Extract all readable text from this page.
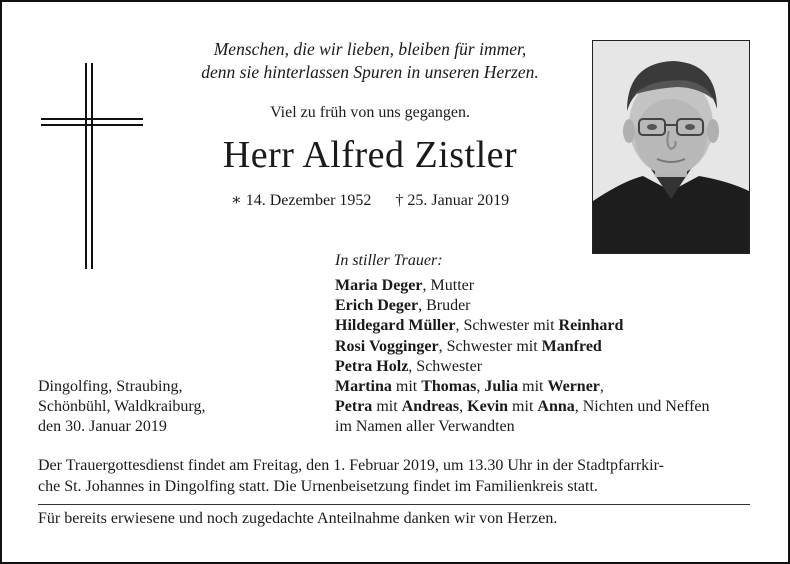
Menschen, die wir lieben, bleiben für immer,
denn sie hinterlassen Spuren in unseren Herzen.
Viel zu früh von uns gegangen.
Herr Alfred Zistler
∗ 14. Dezember 1952 † 25. Januar 2019
In stiller Trauer:
Maria Deger, Mutter
Erich Deger, Bruder
Hildegard Müller, Schwester mit Reinhard
Rosi Vogginger, Schwester mit Manfred
Petra Holz, Schwester
Martina mit Thomas, Julia mit Werner,
Petra mit Andreas, Kevin mit Anna, Nichten und Neffen
im Namen aller Verwandten
Dingolfing, Straubing,
Schönbühl, Waldkraiburg,
den 30. Januar 2019
Der Trauergottesdienst findet am Freitag, den 1. Februar 2019, um 13.30 Uhr in der Stadtpfarrkir-
che St. Johannes in Dingolfing statt. Die Urnenbeisetzung findet im Familienkreis statt.
Für bereits erwiesene und noch zugedachte Anteilnahme danken wir von Herzen.
